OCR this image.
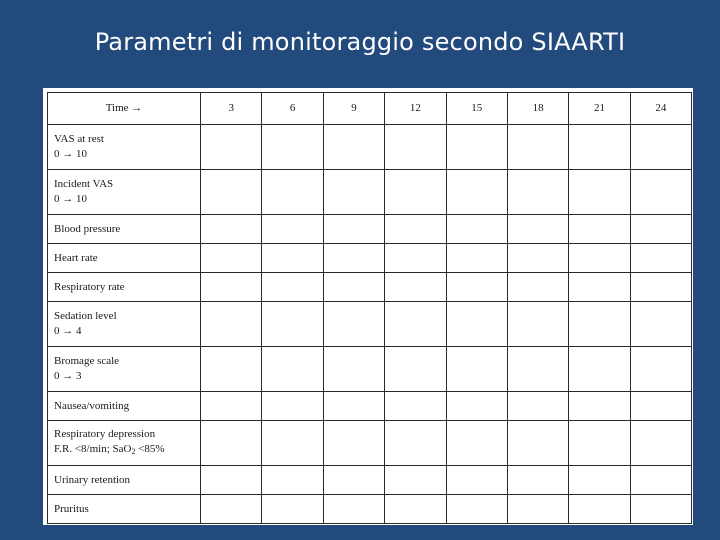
Parametri di monitoraggio secondo SIAARTI
Time →	3	6	9	12	15	18	21	24

VAS at rest
0 → 10								

Incident VAS
0 → 10								

Blood pressure								

Heart rate								

Respiratory rate								

Sedation level
0 → 4								

Bromage scale
0 → 3								

Nausea/vomiting								

Respiratory depression
F.R. <8/min; SaO$_2$ <85%								

Urinary retention								

Pruritus								
